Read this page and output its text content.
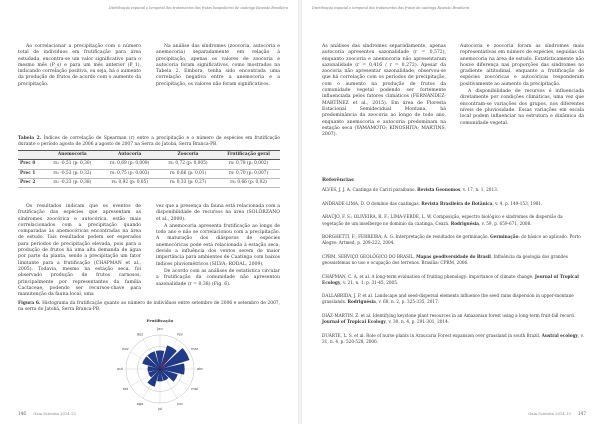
Distribuição espacial e temporal dos tratamentos das frutos hospedeiros de caatinga Reunião Brasileira

Ao correlacionar a precipitação com o número total de indivíduos em frutificação para área estudada, encontra-se um valor significativo para o mesmo mês (P_s) e para um mês anterior (P_1), indicando correlação positiva, ou seja, há o aumento da produção de frutos de acordo com o aumento da precipitação.

Na análise das síndromes (zoocoria, autocoria e anemocoria) separadamente em relação à precipitação, apenas os valores de zoocoria e autocoria foram significativos, como mostrados na Tabela 2. Embora, tenha sido encontrada uma correlação negativa entre a anemocoria e a precipitação, os valores não foram significativos.

Tabela 2. Índices de correlação de Spearman (r) entre a precipitação e o número de espécies em frutificação durante o período agosto de 2006 a agosto de 2007 na Serra do Jatobá, Serra Branca-PB.
	Anemocoria	Autocoria	Zoocoria	Frutificação geral
Prec 0	rs: -0,51 (p: 0,30)	rs: 0,69 (p: 0,009)	rs: 0,72 (p: 0,005)	rs: 0,78 (p: 0,002)
Prec 1	rs: -0,53 (p: 0,32)	rs: 0,75 (p: 0,003)	rs: 0,66 (p: 0,01)	rs: 0,70 (p: 0,007)
Prec 2	rs: -0,23 (p: 0,38)	rs: 0,92 (p: 0,05)	rs: 0,33 (p: 0,27)	rs: 0,66 (p: 0,02)

Os resultados indicam que os eventos de frutificação das espécies que apresentam as síndromes zoocórica e autocórica, estão mais correlacionados com a precipitação quando comparadas às anemocóricas encontradas na área de estudo. Tais resultados podem ser esperados para períodos de precipitação elevada, pois para a produção de frutos há uma alta demanda de água por parte da planta, sendo a precipitação um fator limitante para a frutificação (CHAPMAN et al., 2005). Todavia, mesmo na estação seca, foi observado produção de frutos carnosos, principalmente por representantes da família Cactaceae, podendo ser recursos-chave para manutenção da fauna local, uma

vez que a presença da fauna está relacionada com a disponibilidade de recursos na área (SOLÓRZANO et al., 2000).

A anemocoria apresenta frutificação ao longo de todo ano e não se correlacionou com a precipitação. A maturação dos diásporos de espécies anemocóricas pode está relacionada à estação seca, devido a influência dos ventos serem de maior importância para ambientes de Caatinga com baixos índices pluviométricos (SILVA; RODAL, 2009).

De acordo com as análises de estatística circular a frutificação da comunidade não apresentou sazonalidade (r = 0,38) (Fig. 6).

Figura 6. Histograma da frutificação quanto ao número de indivíduos entre setembro de 2006 e setembro de 2007, na serra do Jatobá, Serra Branca-PB.
Frutificação
jan
fev
mar
abr
mai
jun
jul
ago
set
out
nov
dez
146 Gaia Scientia 2014.13
Distribuição espacial e temporal dos tratamentos das frutos de caatinga Reunião Brasileira

As análises das síndromes separadamente, apenas autocoria apresentou sazonalidade (r = 0,572), enquanto zoocoria e anemocoria não apresentaram sazonalidade (r = 0,416 / r = 0,272). Apesar da zoocoria não apresentar sazonalidade, observou-se que há correlação com os períodos de precipitação, com o aumento na produção de frutos da comunidade vegetal podendo ser fortemente influenciada pelos fatores climáticos (FERNÁNDEZ-MARTÍNEZ et al., 2015). Em área de Floresta Estacional Semidecidual Montana, há predominância da zoocoria ao longo de todo ano, enquanto anemocoria e autocoria predominam na estação seca (YAMAMOTO; KINOSHITA; MARTINS, 2007).

Autocoria e zoocoria foram as síndromes mais representativas em número de espécies, seguidas da anemocoria na área de estudo. Estatisticamente não houve diferença nas proporções das síndromes no gradiente altitudinal, enquanto a frutificação de espécies zoocóricas e autocóricas responderam positivamente ao aumento da precipitação.

A disponibilidade de recursos é influenciada diretamente por condições climáticas, uma vez que encontram-se variações dos grupos, nos diferentes níveis de pluviosidade. Essas variações em escala local podem influenciar na estrutura e dinâmica da comunidade vegetal.

Referências
ALVES, J. J. A. Caatinga do Cariri paraibano. Revista Geonomos, v. 17, n. 1, 2013.
ANDRADE-LIMA, D. O domínio das caatingas. Revista Brasileira de Botânica, v. 4, p. 149-153, 1981.
ARAÚJO, F. S.; OLIVEIRA, R. F.; LIMA-VERDE, L. W. Composição, espectro biológico e síndromes de dispersão da vegetação de um inselberge no domínio da caatinga, Ceará. Rodriguésia, v. 59, p. 659-671, 2008.
BORGHETTI, F.; FERREIRA, A. G. Interpretação de resultados de germinação. Germinação: do básico ao aplicado. Porto Alegre: Artmed, p. 209-222, 2004.
CPRM, SERVIÇO GEOLÓGICO DO BRASIL. Mapas geodiversidade do Brasil. Influência da geologia dos grandes geossistemas no uso e ocupação dos terrenos. Brasília: CPRM, 2006.
CHAPMAN, C. A. et al. A long-term evaluation of fruiting phenology: importance of climate change. Journal of Tropical Ecology, v. 21, n. 1, p. 31-45, 2005.
DALLABRIDA, J. P. et al. Landscape and seed-dispersal elements influence the seed rains dispersion in upper-montane grasslands. Rodriguésia, v. 68, n. 2, p. 325-335, 2017.
DIAZ-MARTIN, Z. et al. Identifying keystone plant resources in an Amazonian forest using a long-term fruit-fall record. Journal of Tropical Ecology, v. 30, n. 4, p. 291-301, 2014.
DUARTE, L. S. et al. Role of nurse plants in Araucaria Forest expansion over grassland in south Brazil. Austral ecology, v. 31, n. 4, p. 520-528, 2006.
Gaia Scientia 2014.13 147
